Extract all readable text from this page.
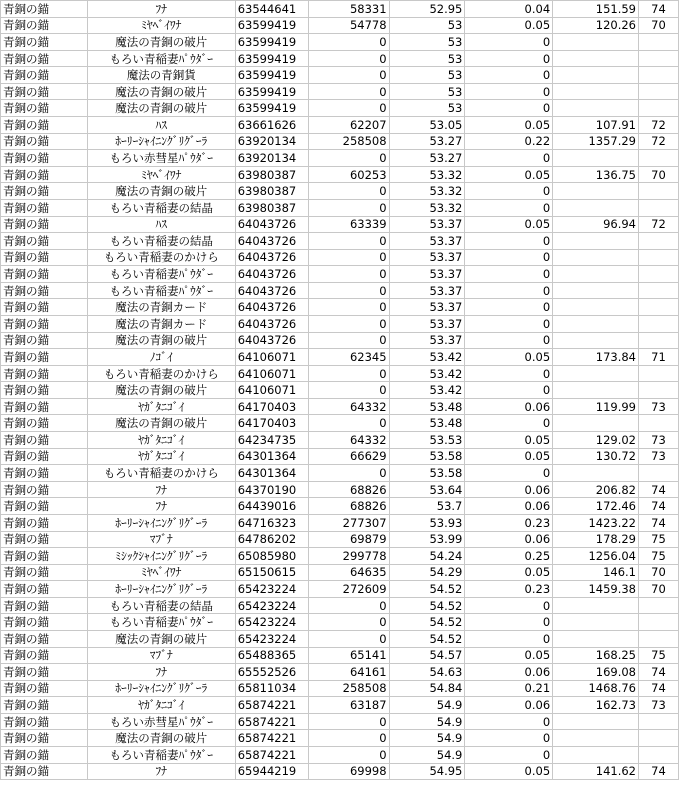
青銅の錨	ﾌﾅ	63544641	58331	52.95	0.04	151.59	74
青銅の錨	ﾐﾔﾍﾞｲﾜﾅ	63599419	54778	53	0.05	120.26	70
青銅の錨	魔法の青銅の破片	63599419	0	53	0		
青銅の錨	もろい青稲妻ﾊﾟｳﾀﾞｰ	63599419	0	53	0		
青銅の錨	魔法の青銅貨	63599419	0	53	0		
青銅の錨	魔法の青銅の破片	63599419	0	53	0		
青銅の錨	魔法の青銅の破片	63599419	0	53	0		
青銅の錨	ﾊｽ	63661626	62207	53.05	0.05	107.91	72
青銅の錨	ﾎｰﾘｰｼｬｲﾆﾝｸﾞﾘｸﾞｰﾗ	63920134	258508	53.27	0.22	1357.29	72
青銅の錨	もろい赤彗星ﾊﾟｳﾀﾞｰ	63920134	0	53.27	0		
青銅の錨	ﾐﾔﾍﾞｲﾜﾅ	63980387	60253	53.32	0.05	136.75	70
青銅の錨	魔法の青銅の破片	63980387	0	53.32	0		
青銅の錨	もろい青稲妻の結晶	63980387	0	53.32	0		
青銅の錨	ﾊｽ	64043726	63339	53.37	0.05	96.94	72
青銅の錨	もろい青稲妻の結晶	64043726	0	53.37	0		
青銅の錨	もろい青稲妻のかけら	64043726	0	53.37	0		
青銅の錨	もろい青稲妻ﾊﾟｳﾀﾞｰ	64043726	0	53.37	0		
青銅の錨	もろい青稲妻ﾊﾟｳﾀﾞｰ	64043726	0	53.37	0		
青銅の錨	魔法の青銅カード	64043726	0	53.37	0		
青銅の錨	魔法の青銅カード	64043726	0	53.37	0		
青銅の錨	魔法の青銅の破片	64043726	0	53.37	0		
青銅の錨	ﾉｺﾞｲ	64106071	62345	53.42	0.05	173.84	71
青銅の錨	もろい青稲妻のかけら	64106071	0	53.42	0		
青銅の錨	魔法の青銅の破片	64106071	0	53.42	0		
青銅の錨	ﾔｶﾞﾀﾆｺﾞｲ	64170403	64332	53.48	0.06	119.99	73
青銅の錨	魔法の青銅の破片	64170403	0	53.48	0		
青銅の錨	ﾔｶﾞﾀﾆｺﾞｲ	64234735	64332	53.53	0.05	129.02	73
青銅の錨	ﾔｶﾞﾀﾆｺﾞｲ	64301364	66629	53.58	0.05	130.72	73
青銅の錨	もろい青稲妻のかけら	64301364	0	53.58	0		
青銅の錨	ﾌﾅ	64370190	68826	53.64	0.06	206.82	74
青銅の錨	ﾌﾅ	64439016	68826	53.7	0.06	172.46	74
青銅の錨	ﾎｰﾘｰｼｬｲﾆﾝｸﾞﾘｸﾞｰﾗ	64716323	277307	53.93	0.23	1423.22	74
青銅の錨	ﾏﾌﾞﾅ	64786202	69879	53.99	0.06	178.29	75
青銅の錨	ﾐｼｯｸｼｬｲﾆﾝｸﾞﾘｸﾞｰﾗ	65085980	299778	54.24	0.25	1256.04	75
青銅の錨	ﾐﾔﾍﾞｲﾜﾅ	65150615	64635	54.29	0.05	146.1	70
青銅の錨	ﾎｰﾘｰｼｬｲﾆﾝｸﾞﾘｸﾞｰﾗ	65423224	272609	54.52	0.23	1459.38	70
青銅の錨	もろい青稲妻の結晶	65423224	0	54.52	0		
青銅の錨	もろい青稲妻ﾊﾟｳﾀﾞｰ	65423224	0	54.52	0		
青銅の錨	魔法の青銅の破片	65423224	0	54.52	0		
青銅の錨	ﾏﾌﾞﾅ	65488365	65141	54.57	0.05	168.25	75
青銅の錨	ﾌﾅ	65552526	64161	54.63	0.06	169.08	74
青銅の錨	ﾎｰﾘｰｼｬｲﾆﾝｸﾞﾘｸﾞｰﾗ	65811034	258508	54.84	0.21	1468.76	74
青銅の錨	ﾔｶﾞﾀﾆｺﾞｲ	65874221	63187	54.9	0.06	162.73	73
青銅の錨	もろい赤彗星ﾊﾟｳﾀﾞｰ	65874221	0	54.9	0		
青銅の錨	魔法の青銅の破片	65874221	0	54.9	0		
青銅の錨	もろい青稲妻ﾊﾟｳﾀﾞｰ	65874221	0	54.9	0		
青銅の錨	ﾌﾅ	65944219	69998	54.95	0.05	141.62	74
